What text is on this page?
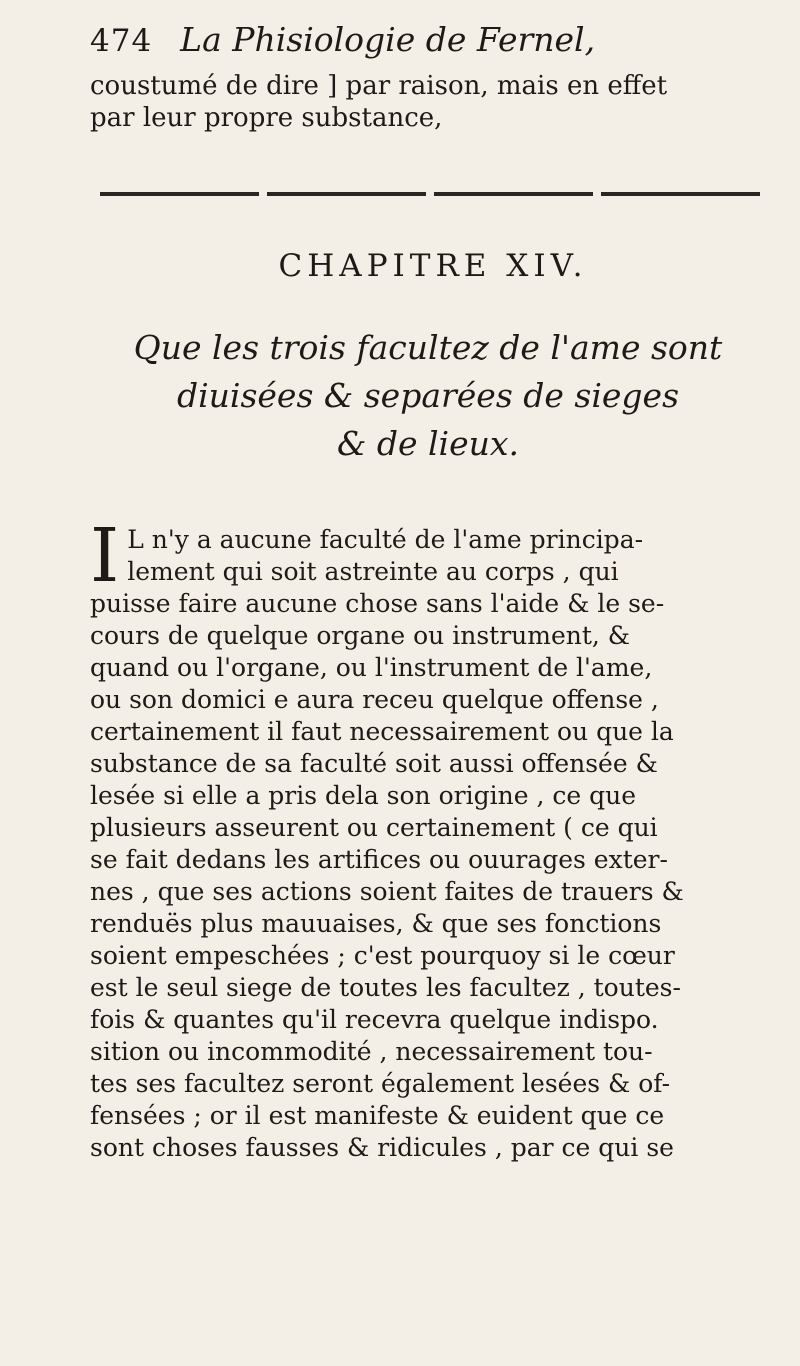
474 La Phisiologie de Fernel,
coustumé de dire ] par raison, mais en effet
par leur propre substance,
CHAPITRE XIV.
Que les trois facultez de l'ame sont
diuisées & separées de sieges
& de lieux.
I L n'y a aucune faculté de l'ame principa-
lement qui soit astreinte au corps , qui
puisse faire aucune chose sans l'aide & le se-
cours de quelque organe ou instrument, &
quand ou l'organe, ou l'instrument de l'ame,
ou son domici e aura receu quelque offense ,
certainement il faut necessairement ou que la
substance de sa faculté soit aussi offensée &
lesée si elle a pris dela son origine , ce que
plusieurs asseurent ou certainement ( ce qui
se fait dedans les artifices ou ouurages exter-
nes , que ses actions soient faites de trauers &
renduës plus mauuaises, & que ses fonctions
soient empeschées ; c'est pourquoy si le cœur
est le seul siege de toutes les facultez , toutes-
fois & quantes qu'il recevra quelque indispo.
sition ou incommodité , necessairement tou-
tes ses facultez seront également lesées & of-
fensées ; or il est manifeste & euident que ce
sont choses fausses & ridicules , par ce qui se
